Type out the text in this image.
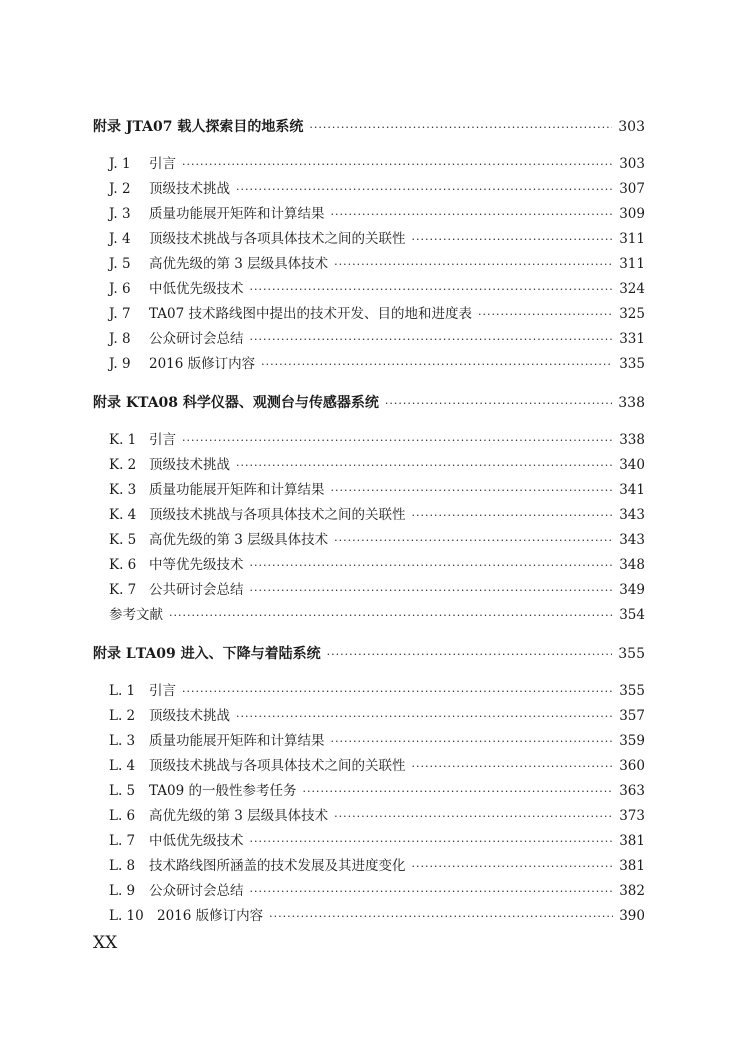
附录 J TA07 载人探索目的地系统 ·····	303
J. 1	引言 ·····	303
J. 2	顶级技术挑战 ·····	307
J. 3	质量功能展开矩阵和计算结果 ·····	309
J. 4	顶级技术挑战与各项具体技术之间的关联性 ·····	311
J. 5	高优先级的第 3 层级具体技术 ·····	311
J. 6	中低优先级技术 ·····	324
J. 7	TA07 技术路线图中提出的技术开发、目的地和进度表 ·····	325
J. 8	公众研讨会总结 ·····	331
J. 9	2016 版修订内容 ·····	335
附录 K TA08 科学仪器、观测台与传感器系统 ·····	338
K. 1 引言 ·····	338
K. 2 顶级技术挑战 ·····	340
K. 3 质量功能展开矩阵和计算结果 ·····	341
K. 4 顶级技术挑战与各项具体技术之间的关联性 ·····	343
K. 5 高优先级的第 3 层级具体技术 ·····	343
K. 6 中等优先级技术 ·····	348
K. 7 公共研讨会总结 ·····	349
参考文献 ·····	354
附录 L TA09 进入、下降与着陆系统 ·····	355
L. 1	引言 ·····	355
L. 2	顶级技术挑战 ·····	357
L. 3	质量功能展开矩阵和计算结果 ·····	359
L. 4	顶级技术挑战与各项具体技术之间的关联性 ·····	360
L. 5	TA09 的一般性参考任务 ·····	363
L. 6	高优先级的第 3 层级具体技术 ·····	373
L. 7	中低优先级技术 ·····	381
L. 8	技术路线图所涵盖的技术发展及其进度变化 ·····	381
L. 9	公众研讨会总结 ·····	382
L. 10 2016 版修订内容 ·····	390
XX
